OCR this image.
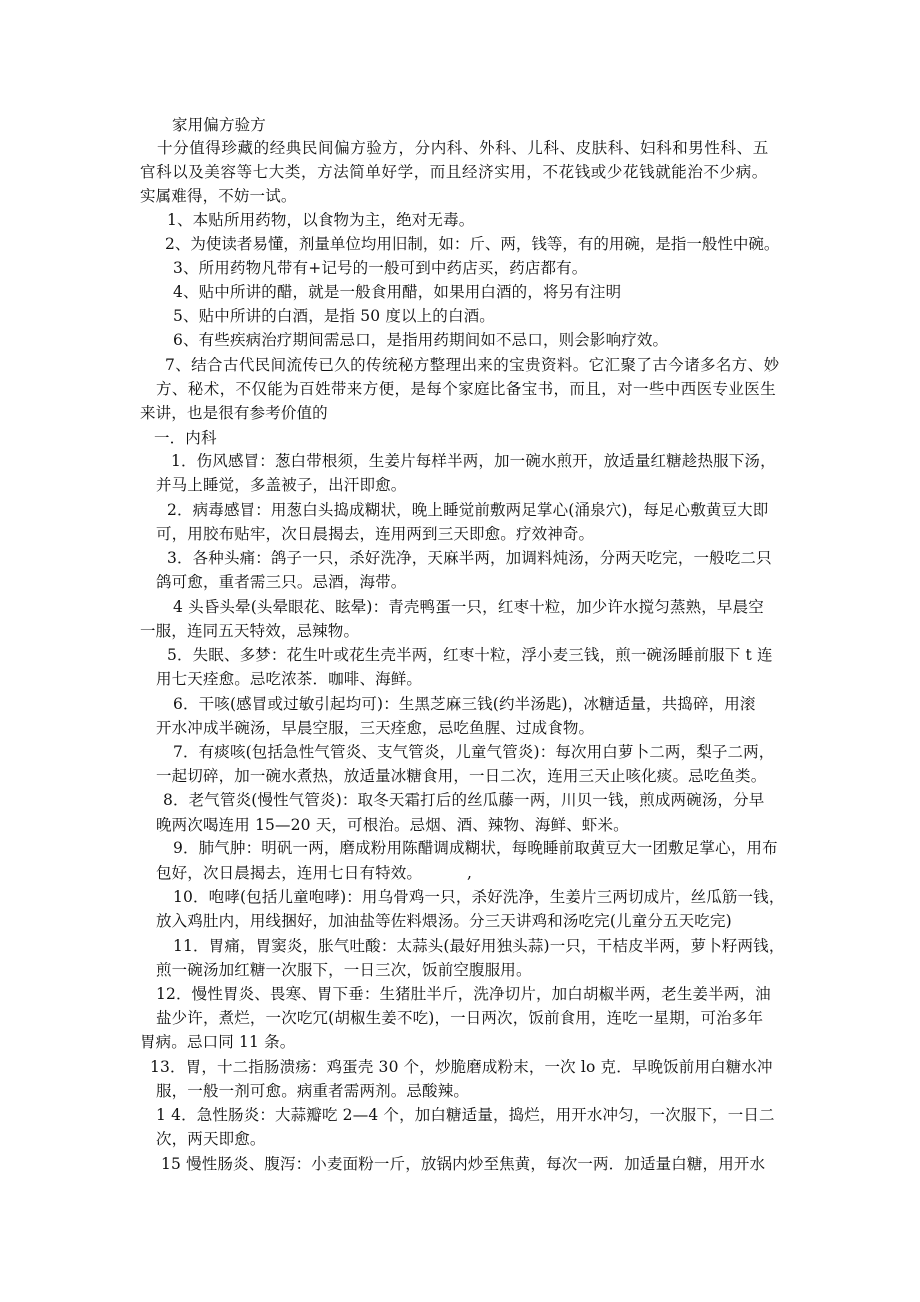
家用偏方验方

十分值得珍藏的经典民间偏方验方，分内科、外科、儿科、皮肤科、妇科和男性科、五

官科以及美容等七大类，方法简单好学，而且经济实用，不花钱或少花钱就能治不少病。

实属难得，不妨一试。

1、本贴所用药物，以食物为主，绝对无毒。

2、为使读者易懂，剂量单位均用旧制，如：斤、两，钱等，有的用碗，是指一般性中碗。

3、所用药物凡带有+记号的一般可到中药店买，药店都有。

4、贴中所讲的醋，就是一般食用醋，如果用白酒的，将另有注明

5、贴中所讲的白酒，是指 50 度以上的白酒。

6、有些疾病治疗期间需忌口，是指用药期间如不忌口，则会影响疗效。

7、结合古代民间流传已久的传统秘方整理出来的宝贵资料。它汇聚了古今诸多名方、妙

方、秘术，不仅能为百姓带来方便，是每个家庭比备宝书，而且，对一些中西医专业医生

来讲，也是很有参考价值的

一．内科

1．伤风感冒：葱白带根须，生姜片每样半两，加一碗水煎开，放适量红糖趁热服下汤，

并马上睡觉，多盖被子，出汗即愈。

2．病毒感冒：用葱白头捣成糊状，晚上睡觉前敷两足掌心(涌泉穴)，每足心敷黄豆大即

可，用胶布贴牢，次日晨揭去，连用两到三天即愈。疗效神奇。

3．各种头痛：鸽子一只，杀好洗净，天麻半两，加调料炖汤，分两天吃完，一般吃二只

鸽可愈，重者需三只。忌酒，海带。

4 头昏头晕(头晕眼花、眩晕)：青壳鸭蛋一只，红枣十粒，加少许水搅匀蒸熟，早晨空

一服，连同五天特效，忌辣物。

5．失眠、多梦：花生叶或花生壳半两，红枣十粒，浮小麦三钱，煎一碗汤睡前服下 t 连

用七天痊愈。忌吃浓茶．咖啡、海鲜。

6．干咳(感冒或过敏引起均可)：生黑芝麻三钱(约半汤匙)，冰糖适量，共捣碎，用滚

开水冲成半碗汤，早晨空服，三天痊愈，忌吃鱼腥、过成食物。

7．有痰咳(包括急性气管炎、支气管炎，儿童气管炎)：每次用白萝卜二两，梨子二两，

一起切碎，加一碗水煮热，放适量冰糖食用，一日二次，连用三天止咳化痰。忌吃鱼类。

8．老气管炎(慢性气管炎)：取冬天霜打后的丝瓜藤一两，川贝一钱，煎成两碗汤，分早

晚两次喝连用 15—20 天，可根治。忌烟、酒、辣物、海鲜、虾米。

9．肺气肿：明矾一两，磨成粉用陈醋调成糊状，每晚睡前取黄豆大一团敷足掌心，用布

包好，次日晨揭去，连用七日有特效。	,

10．咆哮(包括儿童咆哮)：用乌骨鸡一只，杀好洗净，生姜片三两切成片，丝瓜筋一钱，

放入鸡肚内，用线捆好，加油盐等佐料煨汤。分三天讲鸡和汤吃完(儿童分五天吃完)

11．胃痛，胃窦炎，胀气吐酸：太蒜头(最好用独头蒜)一只，干桔皮半两，萝卜籽两钱，

煎一碗汤加红糖一次服下，一日三次，饭前空腹服用。

12．慢性胃炎、畏寒、胃下垂：生猪肚半斤，洗净切片，加白胡椒半两，老生姜半两，油

盐少许，煮烂，一次吃冗(胡椒生姜不吃)，一日两次，饭前食用，连吃一星期，可治多年

胃病。忌口同 11 条。

13．胃，十二指肠溃疡：鸡蛋壳 30 个，炒脆磨成粉末，一次 lo 克．早晚饭前用白糖水冲

服，一般一剂可愈。病重者需两剂。忌酸辣。

1 4．急性肠炎：大蒜瓣吃 2—4 个，加白糖适量，捣烂，用开水冲匀，一次服下，一日二

次，两天即愈。

15 慢性肠炎、腹泻：小麦面粉一斤，放锅内炒至焦黄，每次一两．加适量白糖，用开水
